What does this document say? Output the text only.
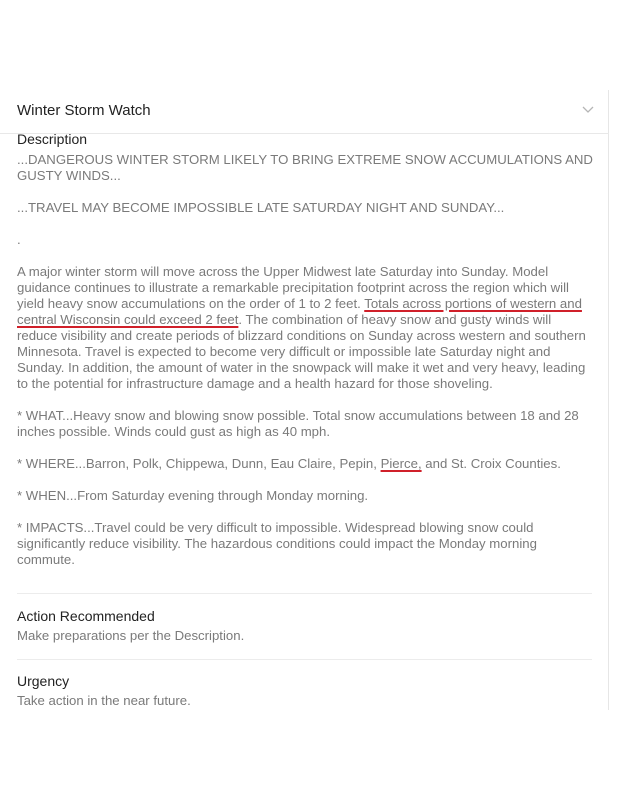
Winter Storm Watch
Description

...DANGEROUS WINTER STORM LIKELY TO BRING EXTREME SNOW ACCUMULATIONS AND GUSTY WINDS...

...TRAVEL MAY BECOME IMPOSSIBLE LATE SATURDAY NIGHT AND SUNDAY...

.

A major winter storm will move across the Upper Midwest late Saturday into Sunday. Model guidance continues to illustrate a remarkable precipitation footprint across the region which will yield heavy snow accumulations on the order of 1 to 2 feet. Totals across portions of western and central Wisconsin could exceed 2 feet. The combination of heavy snow and gusty winds will reduce visibility and create periods of blizzard conditions on Sunday across western and southern Minnesota. Travel is expected to become very difficult or impossible late Saturday night and Sunday. In addition, the amount of water in the snowpack will make it wet and very heavy, leading to the potential for infrastructure damage and a health hazard for those shoveling.

* WHAT...Heavy snow and blowing snow possible. Total snow accumulations between 18 and 28 inches possible. Winds could gust as high as 40 mph.

* WHERE...Barron, Polk, Chippewa, Dunn, Eau Claire, Pepin, Pierce, and St. Croix Counties.

* WHEN...From Saturday evening through Monday morning.

* IMPACTS...Travel could be very difficult to impossible. Widespread blowing snow could significantly reduce visibility. The hazardous conditions could impact the Monday morning commute.

Action Recommended
Make preparations per the Description.
Urgency
Take action in the near future.
